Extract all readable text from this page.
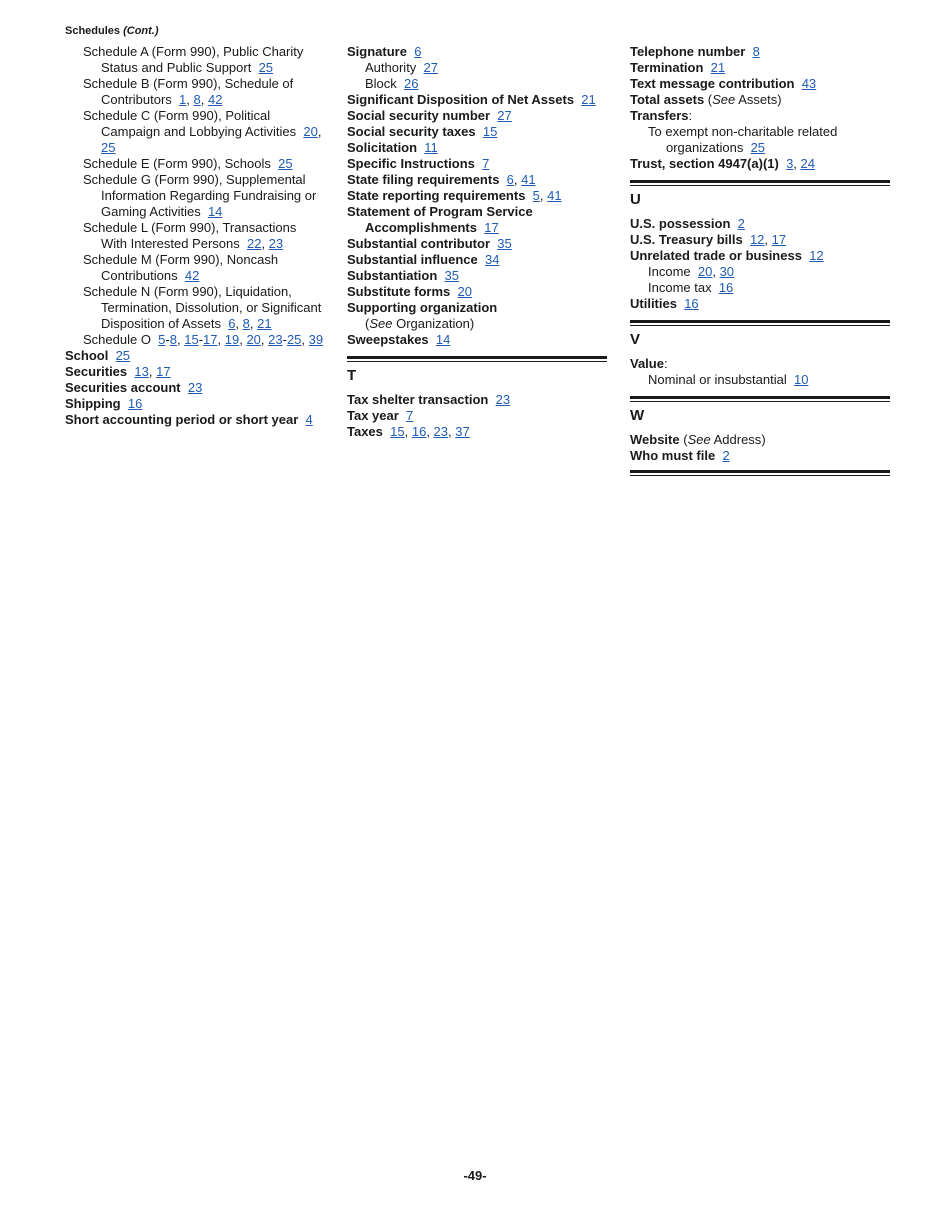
Schedules (Cont.)
Schedule A (Form 990), Public Charity Status and Public Support 25
Schedule B (Form 990), Schedule of Contributors 1, 8, 42
Schedule C (Form 990), Political Campaign and Lobbying Activities 20, 25
Schedule E (Form 990), Schools 25
Schedule G (Form 990), Supplemental Information Regarding Fundraising or Gaming Activities 14
Schedule L (Form 990), Transactions With Interested Persons 22, 23
Schedule M (Form 990), Noncash Contributions 42
Schedule N (Form 990), Liquidation, Termination, Dissolution, or Significant Disposition of Assets 6, 8, 21
Schedule O 5-8, 15-17, 19, 20, 23-25, 39
School 25
Securities 13, 17
Securities account 23
Shipping 16
Short accounting period or short year 4
Signature 6
Authority 27
Block 26
Significant Disposition of Net Assets 21
Social security number 27
Social security taxes 15
Solicitation 11
Specific Instructions 7
State filing requirements 6, 41
State reporting requirements 5, 41
Statement of Program Service Accomplishments 17
Substantial contributor 35
Substantial influence 34
Substantiation 35
Substitute forms 20
Supporting organization
(See Organization)
Sweepstakes 14
T
Tax shelter transaction 23
Tax year 7
Taxes 15, 16, 23, 37
Telephone number 8
Termination 21
Text message contribution 43
Total assets (See Assets)
Transfers:
To exempt non-charitable related organizations 25
Trust, section 4947(a)(1) 3, 24
U
U.S. possession 2
U.S. Treasury bills 12, 17
Unrelated trade or business 12
Income 20, 30
Income tax 16
Utilities 16
V
Value:
Nominal or insubstantial 10
W
Website (See Address)
Who must file 2
-49-
